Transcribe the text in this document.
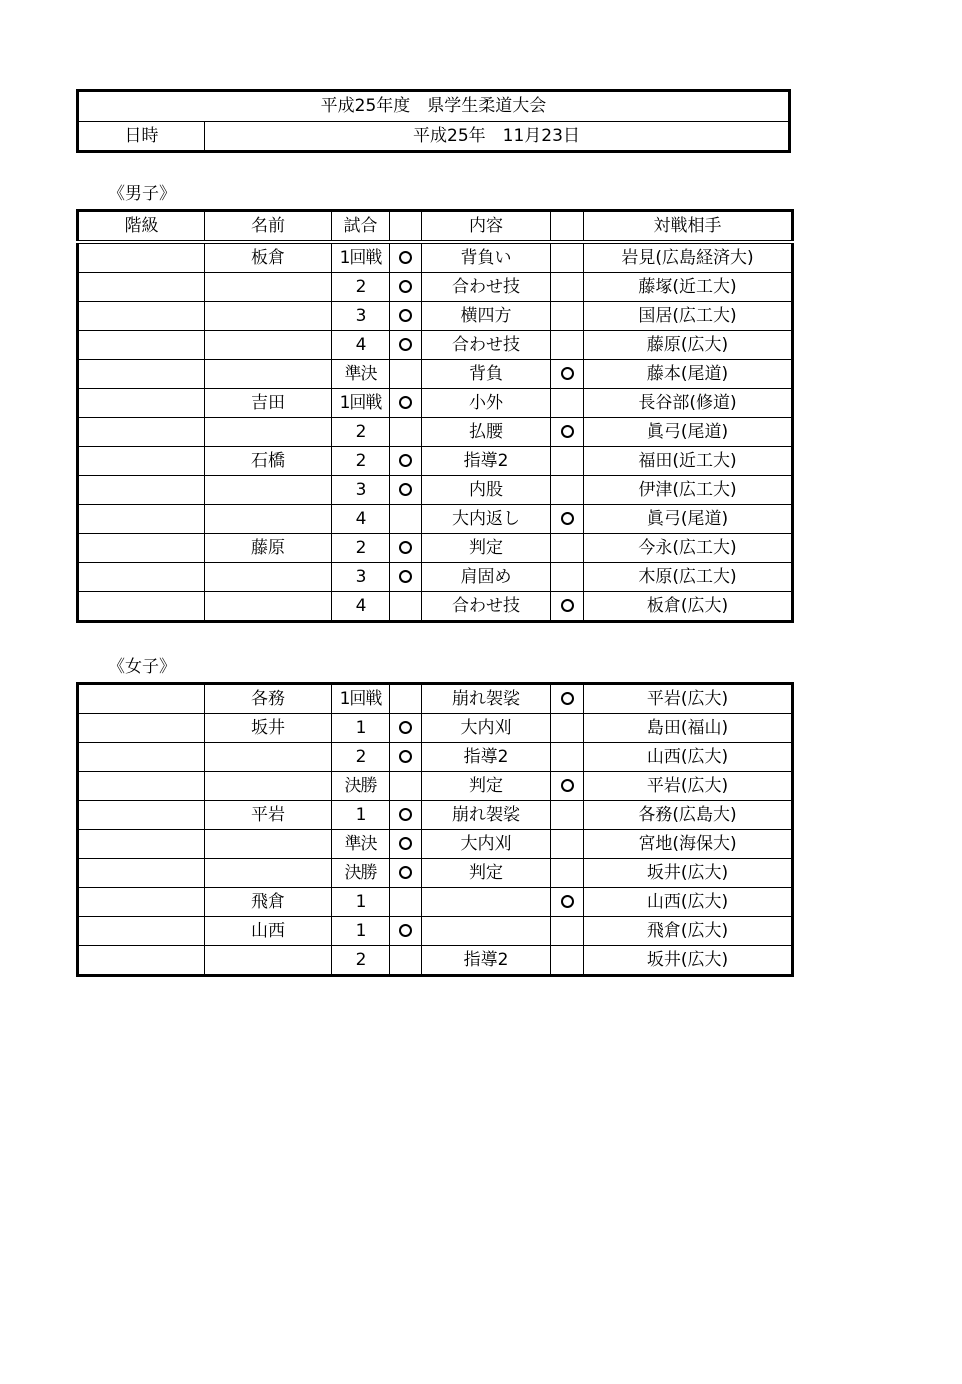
平成25年度　県学生柔道大会
日時	平成25年　11月23日
《男子》
階級	名前	試合		内容		対戦相手
	板倉	1回戦		背負い		岩見(広島経済大)
		2		合わせ技		藤塚(近工大)
		3		横四方		国居(広工大)
		4		合わせ技		藤原(広大)
		準決		背負		藤本(尾道)
	吉田	1回戦		小外		長谷部(修道)
		2		払腰		眞弓(尾道)
	石橋	2		指導2		福田(近工大)
		3		内股		伊津(広工大)
		4		大内返し		眞弓(尾道)
	藤原	2		判定		今永(広工大)
		3		肩固め		木原(広工大)
		4		合わせ技		板倉(広大)
《女子》
	各務	1回戦		崩れ袈裟		平岩(広大)
	坂井	1		大内刈		島田(福山)
		2		指導2		山西(広大)
		決勝		判定		平岩(広大)
	平岩	1		崩れ袈裟		各務(広島大)
		準決		大内刈		宮地(海保大)
		決勝		判定		坂井(広大)
	飛倉	1				山西(広大)
	山西	1				飛倉(広大)
		2		指導2		坂井(広大)
